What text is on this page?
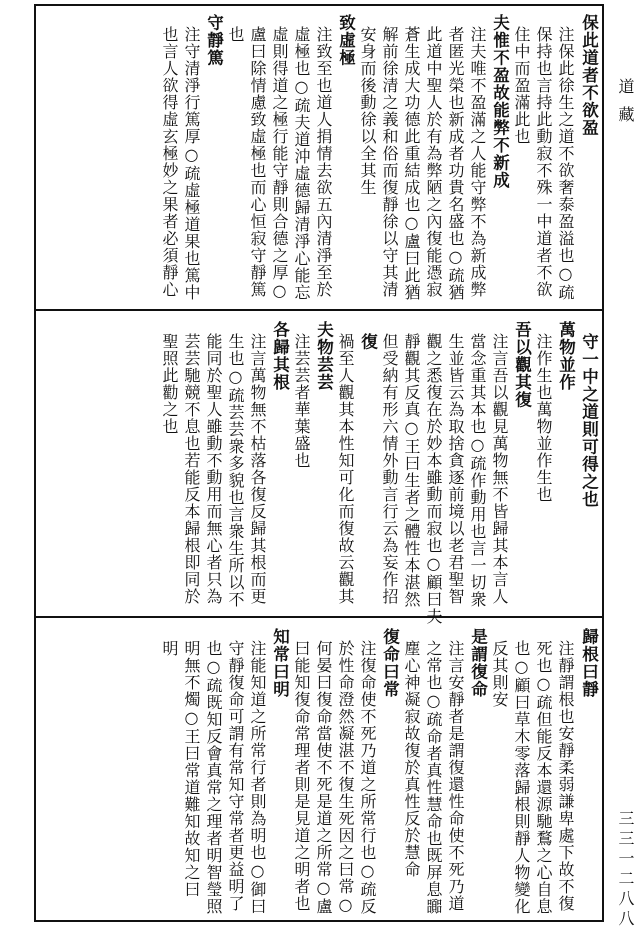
道藏
三三一二八八
保此道者不欲盈
注保此徐生之道不欲奢泰盈溢也○疏
保持也言持此動寂不殊一中道者不欲
住中而盈滿此也
夫惟不盈故能弊不新成
注夫唯不盈滿之人能守弊不為新成弊
者匿光榮也新成者功貴名盛也○疏猶
此道中聖人於有為弊陋之內復能憑寂
蒼生成大功德此重結成也○盧曰此猶
解前徐清之義和俗而復靜徐以守其清
安身而後動徐以全其生
致虛極
注致至也道人捐情去欲五內清淨至於
虛極也○疏夫道沖虛德歸清淨心能忘
虛則得道之極行能守靜則合德之厚○
盧曰除情慮致虛極也而心恒寂守靜篤
也
守靜篤
注守清淨行篤厚○疏虛極道果也篤中
也言人欲得虛玄極妙之果者必須靜心
守一中之道則可得之也
萬物並作
注作生也萬物並作生也
吾以觀其復
注言吾以觀見萬物無不皆歸其本言人
當念重其本也○疏作動用也言一切衆
生並皆云為取捨貪逐前境以老君聖智
觀之悉復在於妙本雖動而寂也○顧曰夫
靜觀其反真○王曰生者之體性本湛然
但受納有形六情外動言行云為妄作招
復
禍至人觀其本性知可化而復故云觀其
夫物芸芸
注芸芸者華葉盛也
各歸其根
注言萬物無不枯落各復反歸其根而更
生也○疏芸芸衆多貌也言衆生所以不
能同於聖人雖動不動用而無心者只為
芸芸馳競不息也若能反本歸根即同於
聖照此勸之也
歸根曰靜
注靜謂根也安靜柔弱謙卑處下故不復
死也○疏但能反本還源馳鶩之心自息
也○顧曰草木零落歸根則靜人物變化
反其則安
是謂復命
注言安靜者是謂復還性命使不死乃道
之常也○疏命者真性慧命也既屏息嚻
塵心神凝寂故復於真性反於慧命
復命曰常
注復命使不死乃道之所常行也○疏反
於性命澄然凝湛不復生死因之曰常○
何晏曰復命當使不死是道之所常○盧
曰能知復命常理者則是見道之明者也
知常曰明
注能知道之所常行者則為明也○御曰
守靜復命可謂有常知守常者更益明了
也○疏既知反會真常之理者明智瑩照
明無不燭○王曰常道難知故知之曰
明
